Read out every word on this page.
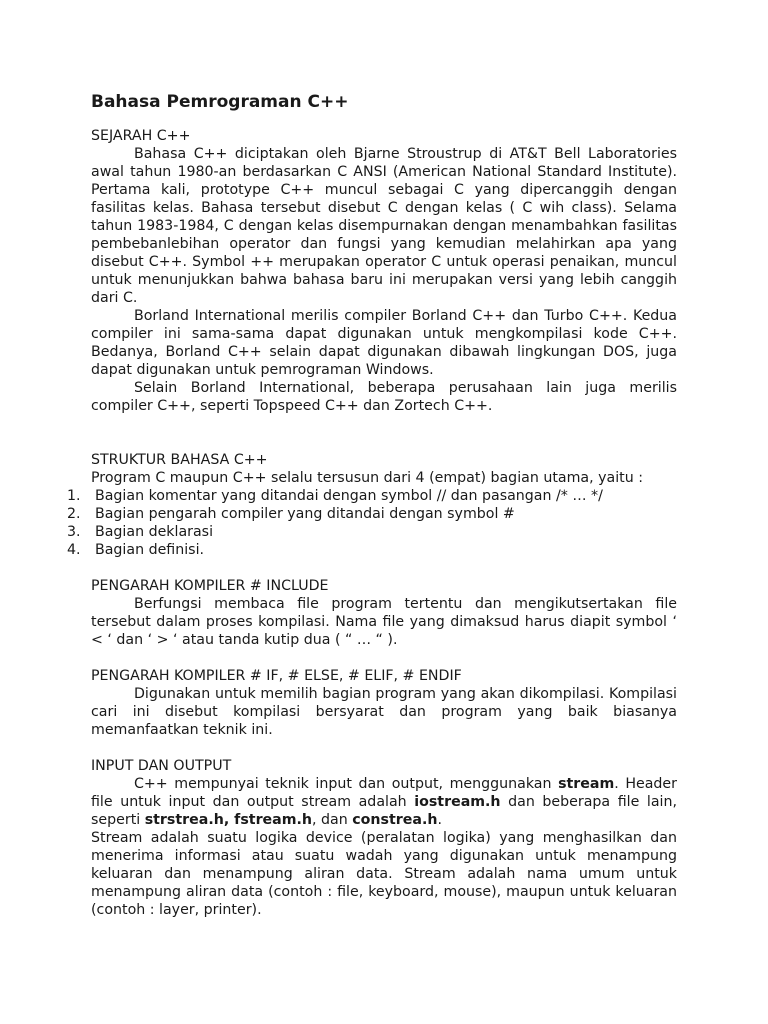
Bahasa Pemrograman C++
SEJARAH C++

Bahasa C++ diciptakan oleh Bjarne Stroustrup di AT&T Bell Laboratories awal tahun 1980-an berdasarkan C ANSI (American National Standard Institute). Pertama kali, prototype C++ muncul sebagai C yang dipercanggih dengan fasilitas kelas. Bahasa tersebut disebut C dengan kelas ( C wih class). Selama tahun 1983-1984, C dengan kelas disempurnakan dengan menambahkan fasilitas pembebanlebihan operator dan fungsi yang kemudian melahirkan apa yang disebut C++. Symbol ++ merupakan operator C untuk operasi penaikan, muncul untuk menunjukkan bahwa bahasa baru ini merupakan versi yang lebih canggih dari C.

Borland International merilis compiler Borland C++ dan Turbo C++. Kedua compiler ini sama-sama dapat digunakan untuk mengkompilasi kode C++. Bedanya, Borland C++ selain dapat digunakan dibawah lingkungan DOS, juga dapat digunakan untuk pemrograman Windows.

Selain Borland International, beberapa perusahaan lain juga merilis compiler C++, seperti Topspeed C++ dan Zortech C++.

STRUKTUR BAHASA C++

Program C maupun C++ selalu tersusun dari 4 (empat) bagian utama, yaitu :

1. Bagian komentar yang ditandai dengan symbol // dan pasangan /* … */
2. Bagian pengarah compiler yang ditandai dengan symbol #
3. Bagian deklarasi
4. Bagian definisi.
PENGARAH KOMPILER # INCLUDE

Berfungsi membaca file program tertentu dan mengikutsertakan file tersebut dalam proses kompilasi. Nama file yang dimaksud harus diapit symbol ‘ < ‘ dan ‘ > ‘ atau tanda kutip dua ( “ … “ ).

PENGARAH KOMPILER # IF, # ELSE, # ELIF, # ENDIF

Digunakan untuk memilih bagian program yang akan dikompilasi. Kompilasi cari ini disebut kompilasi bersyarat dan program yang baik biasanya memanfaatkan teknik ini.

INPUT DAN OUTPUT

C++ mempunyai teknik input dan output, menggunakan stream. Header file untuk input dan output stream adalah iostream.h dan beberapa file lain, seperti strstrea.h, fstream.h, dan constrea.h.

Stream adalah suatu logika device (peralatan logika) yang menghasilkan dan menerima informasi atau suatu wadah yang digunakan untuk menampung keluaran dan menampung aliran data. Stream adalah nama umum untuk menampung aliran data (contoh : file, keyboard, mouse), maupun untuk keluaran (contoh : layer, printer).
